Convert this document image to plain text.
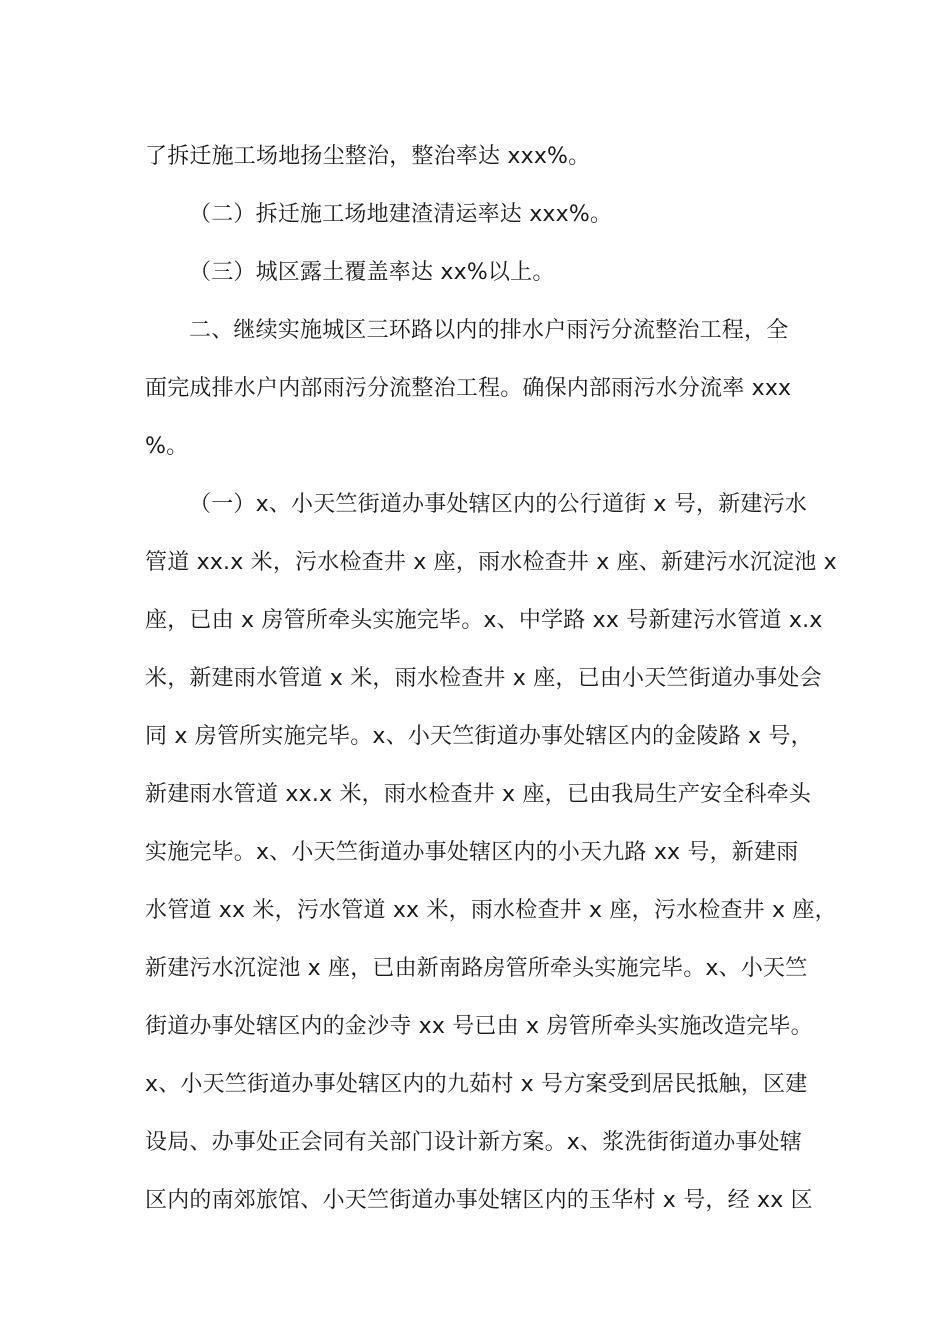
了拆迁施工场地扬尘整治，整治率达 xxx%。
（二）拆迁施工场地建渣清运率达 xxx%。
（三）城区露土覆盖率达 xx%以上。
二、继续实施城区三环路以内的排水户雨污分流整治工程，全
面完成排水户内部雨污分流整治工程。确保内部雨污水分流率 xxx
%。
（一）x、小天竺街道办事处辖区内的公行道街 x 号，新建污水
管道 xx.x 米，污水检查井 x 座，雨水检查井 x 座、新建污水沉淀池 x
座，已由 x 房管所牵头实施完毕。x、中学路 xx 号新建污水管道 x.x
米，新建雨水管道 x 米，雨水检查井 x 座，已由小天竺街道办事处会
同 x 房管所实施完毕。x、小天竺街道办事处辖区内的金陵路 x 号，
新建雨水管道 xx.x 米，雨水检查井 x 座，已由我局生产安全科牵头
实施完毕。x、小天竺街道办事处辖区内的小天九路 xx 号，新建雨
水管道 xx 米，污水管道 xx 米，雨水检查井 x 座，污水检查井 x 座，
新建污水沉淀池 x 座，已由新南路房管所牵头实施完毕。x、小天竺
街道办事处辖区内的金沙寺 xx 号已由 x 房管所牵头实施改造完毕。
x、小天竺街道办事处辖区内的九茹村 x 号方案受到居民抵触，区建
设局、办事处正会同有关部门设计新方案。x、浆洗街街道办事处辖
区内的南郊旅馆、小天竺街道办事处辖区内的玉华村 x 号，经 xx 区
